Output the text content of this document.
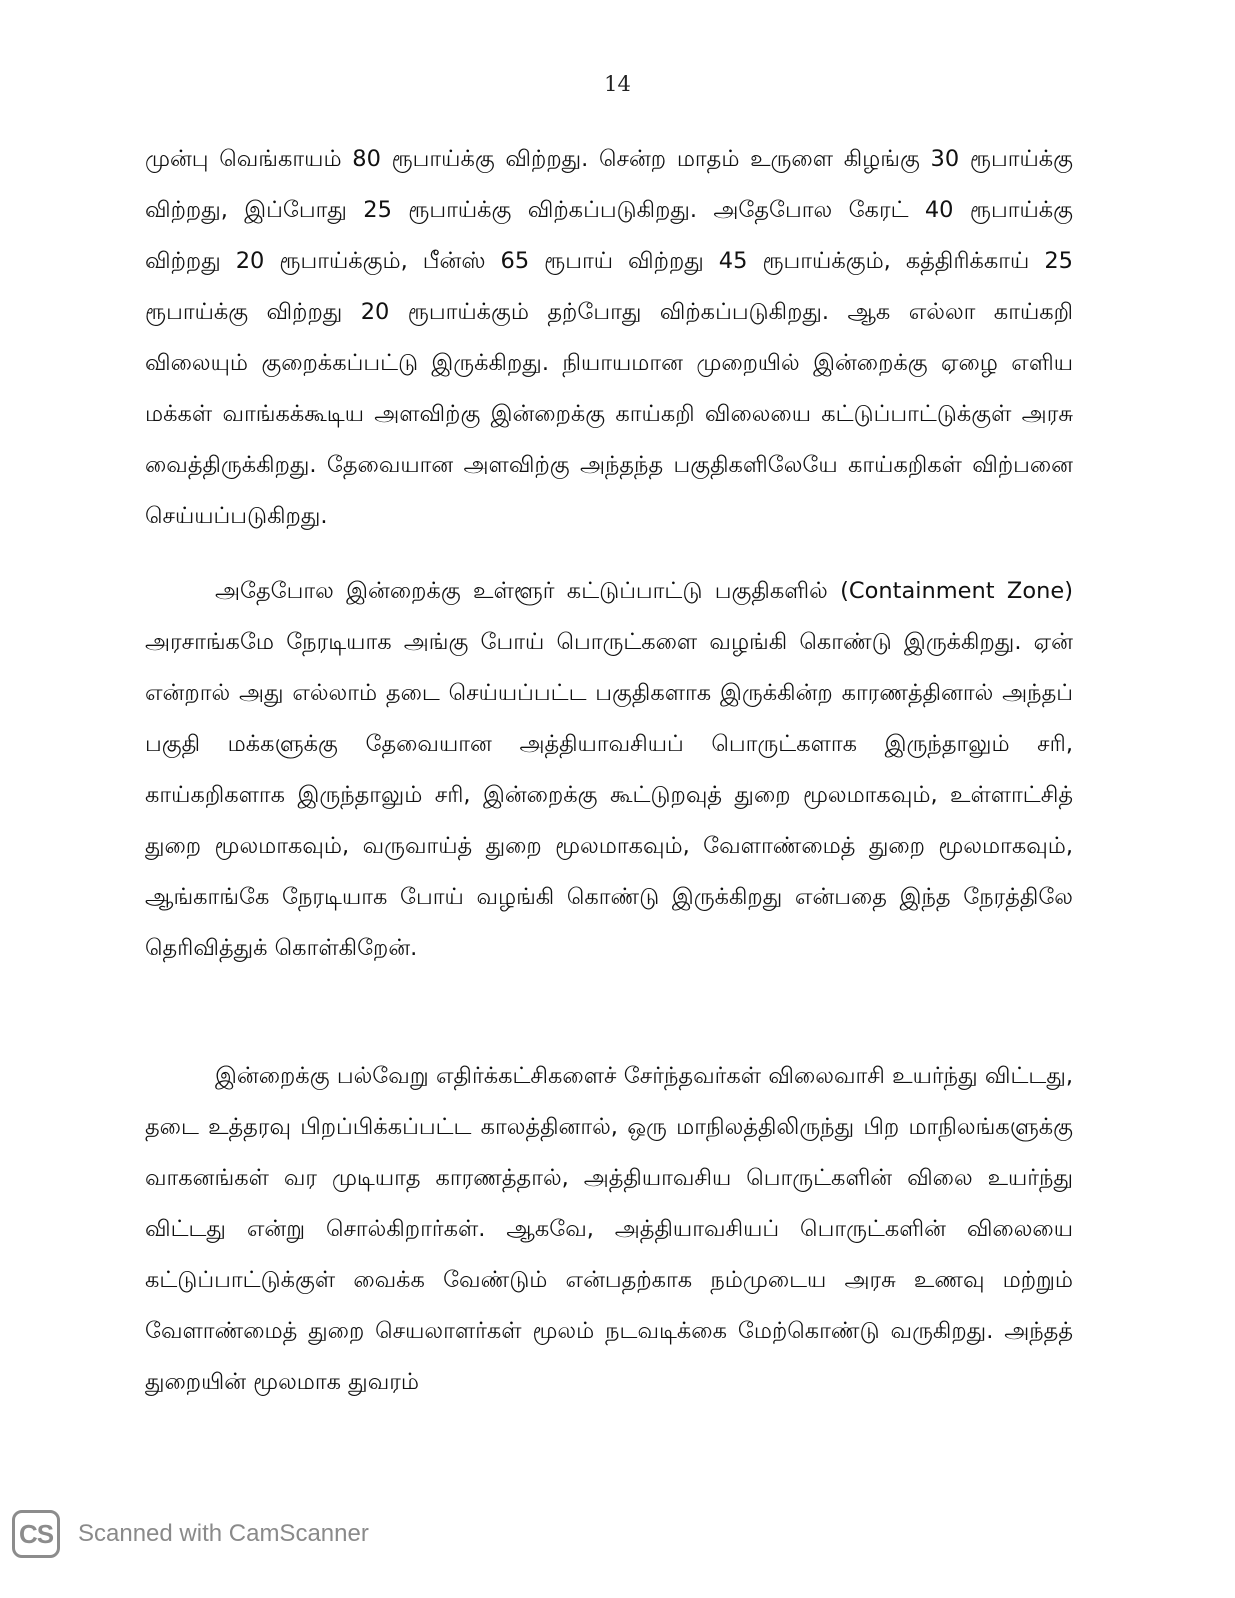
14

முன்பு வெங்காயம் 80 ரூபாய்க்கு விற்றது. சென்ற மாதம் உருளை கிழங்கு 30 ரூபாய்க்கு விற்றது, இப்போது 25 ரூபாய்க்கு விற்கப்படுகிறது. அதேபோல கேரட் 40 ரூபாய்க்கு விற்றது 20 ரூபாய்க்கும், பீன்ஸ் 65 ரூபாய் விற்றது 45 ரூபாய்க்கும், கத்திரிக்காய் 25 ரூபாய்க்கு விற்றது 20 ரூபாய்க்கும் தற்போது விற்கப்படுகிறது. ஆக எல்லா காய்கறி விலையும் குறைக்கப்பட்டு இருக்கிறது. நியாயமான முறையில் இன்றைக்கு ஏழை எளிய மக்கள் வாங்கக்கூடிய அளவிற்கு இன்றைக்கு காய்கறி விலையை கட்டுப்பாட்டுக்குள் அரசு வைத்திருக்கிறது. தேவையான அளவிற்கு அந்தந்த பகுதிகளிலேயே காய்கறிகள் விற்பனை செய்யப்படுகிறது.

அதேபோல இன்றைக்கு உள்ளூர் கட்டுப்பாட்டு பகுதிகளில் (Containment Zone) அரசாங்கமே நேரடியாக அங்கு போய் பொருட்களை வழங்கி கொண்டு இருக்கிறது. ஏன் என்றால் அது எல்லாம் தடை செய்யப்பட்ட பகுதிகளாக இருக்கின்ற காரணத்தினால் அந்தப் பகுதி மக்களுக்கு தேவையான அத்தியாவசியப் பொருட்களாக இருந்தாலும் சரி, காய்கறிகளாக இருந்தாலும் சரி, இன்றைக்கு கூட்டுறவுத் துறை மூலமாகவும், உள்ளாட்சித் துறை மூலமாகவும், வருவாய்த் துறை மூலமாகவும், வேளாண்மைத் துறை மூலமாகவும், ஆங்காங்கே நேரடியாக போய் வழங்கி கொண்டு இருக்கிறது என்பதை இந்த நேரத்திலே தெரிவித்துக் கொள்கிறேன்.

இன்றைக்கு பல்வேறு எதிர்க்கட்சிகளைச் சேர்ந்தவர்கள் விலைவாசி உயர்ந்து விட்டது, தடை உத்தரவு பிறப்பிக்கப்பட்ட காலத்தினால், ஒரு மாநிலத்திலிருந்து பிற மாநிலங்களுக்கு வாகனங்கள் வர முடியாத காரணத்தால், அத்தியாவசிய பொருட்களின் விலை உயர்ந்து விட்டது என்று சொல்கிறார்கள். ஆகவே, அத்தியாவசியப் பொருட்களின் விலையை கட்டுப்பாட்டுக்குள் வைக்க வேண்டும் என்பதற்காக நம்முடைய அரசு உணவு மற்றும் வேளாண்மைத் துறை செயலாளர்கள் மூலம் நடவடிக்கை மேற்கொண்டு வருகிறது. அந்தத் துறையின் மூலமாக துவரம்

CS Scanned with CamScanner
